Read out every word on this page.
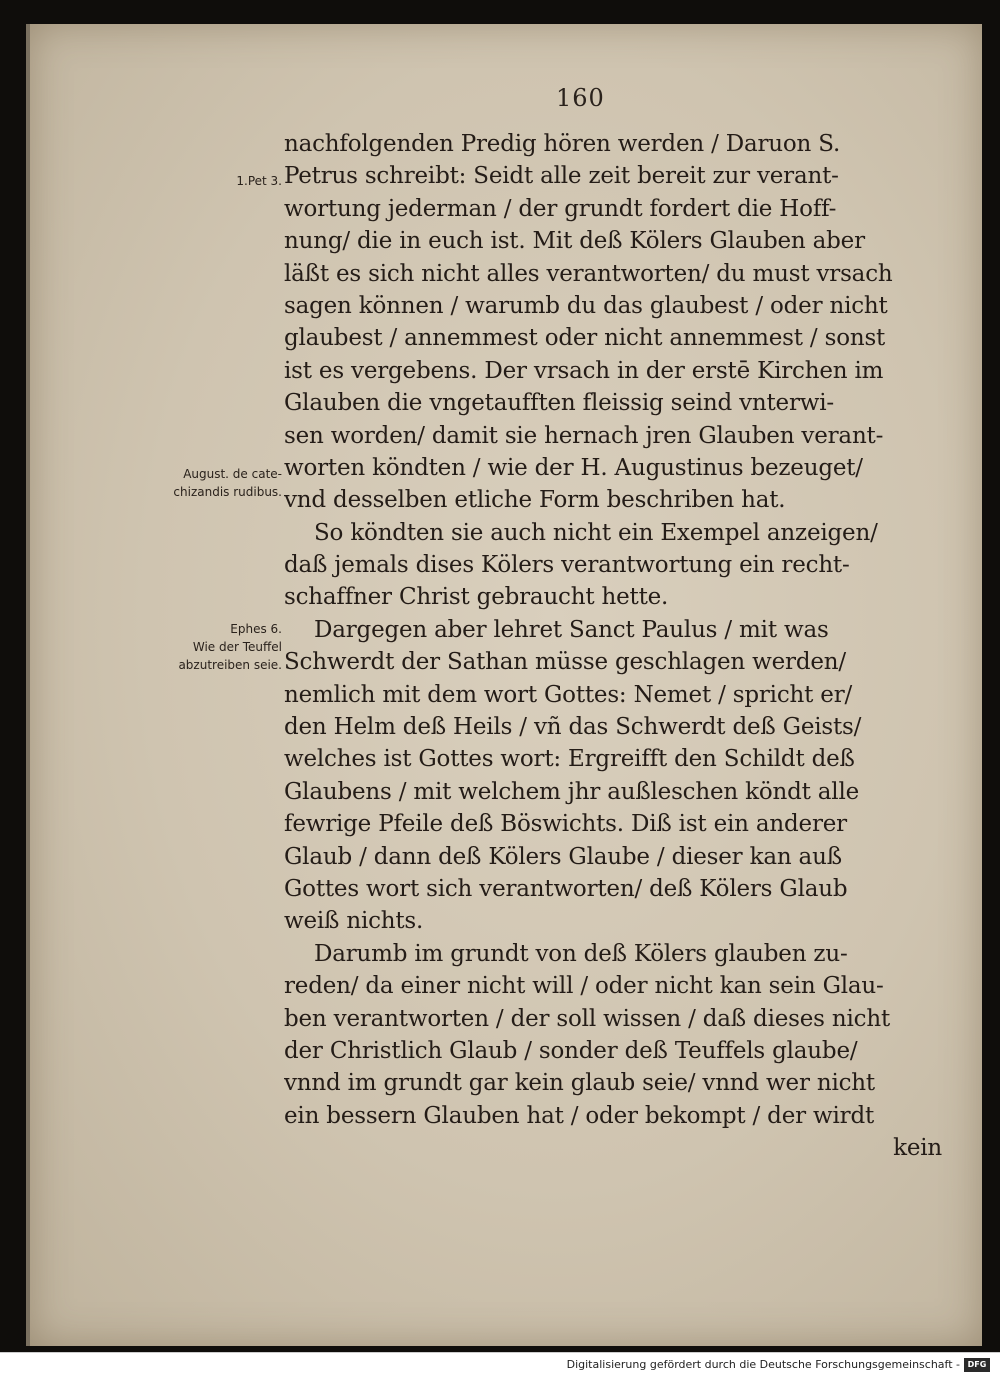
160
1.Pet 3.
August. de cate-
chizandis rudibus.
Ephes 6.
Wie der Teuffel
abzutreiben seie.
nachfolgenden Predig hören werden / Daruon S.
Petrus schreibt: Seidt alle zeit bereit zur verant-
wortung jederman / der grundt fordert die Hoff-
nung/ die in euch ist. Mit deß Kölers Glauben aber
läßt es sich nicht alles verantworten/ du must vrsach
sagen können / warumb du das glaubest / oder nicht
glaubest / annemmest oder nicht annemmest / sonst
ist es vergebens. Der vrsach in der erstē Kirchen im
Glauben die vngetaufften fleissig seind vnterwi-
sen worden/ damit sie hernach jren Glauben verant-
worten köndten / wie der H. Augustinus bezeuget/
vnd desselben etliche Form beschriben hat.
So köndten sie auch nicht ein Exempel anzeigen/
daß jemals dises Kölers verantwortung ein recht-
schaffner Christ gebraucht hette.
Dargegen aber lehret Sanct Paulus / mit was
Schwerdt der Sathan müsse geschlagen werden/
nemlich mit dem wort Gottes: Nemet / spricht er/
den Helm deß Heils / vñ das Schwerdt deß Geists/
welches ist Gottes wort: Ergreifft den Schildt deß
Glaubens / mit welchem jhr außleschen köndt alle
fewrige Pfeile deß Böswichts. Diß ist ein anderer
Glaub / dann deß Kölers Glaube / dieser kan auß
Gottes wort sich verantworten/ deß Kölers Glaub
weiß nichts.
Darumb im grundt von deß Kölers glauben zu-
reden/ da einer nicht will / oder nicht kan sein Glau-
ben verantworten / der soll wissen / daß dieses nicht
der Christlich Glaub / sonder deß Teuffels glaube/
vnnd im grundt gar kein glaub seie/ vnnd wer nicht
ein bessern Glauben hat / oder bekompt / der wirdt
kein
Digitalisierung gefördert durch die Deutsche Forschungsgemeinschaft - DFG
